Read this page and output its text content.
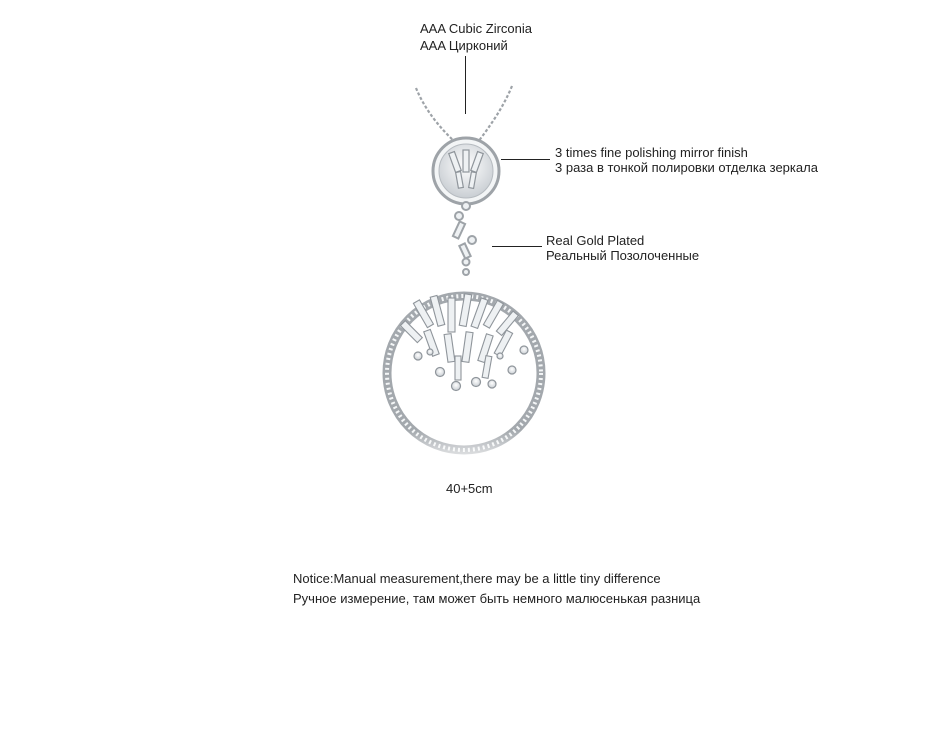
AAA Cubic Zirconia
AAA Цирконий
3 times fine polishing mirror finish
3 раза в тонкой полировки отделка зеркала
Real Gold Plated
Реальный Позолоченные
40+5cm
Notice:Manual measurement,there may be a little tiny difference
Ручное измерение, там может быть немного малюсенькая разница
